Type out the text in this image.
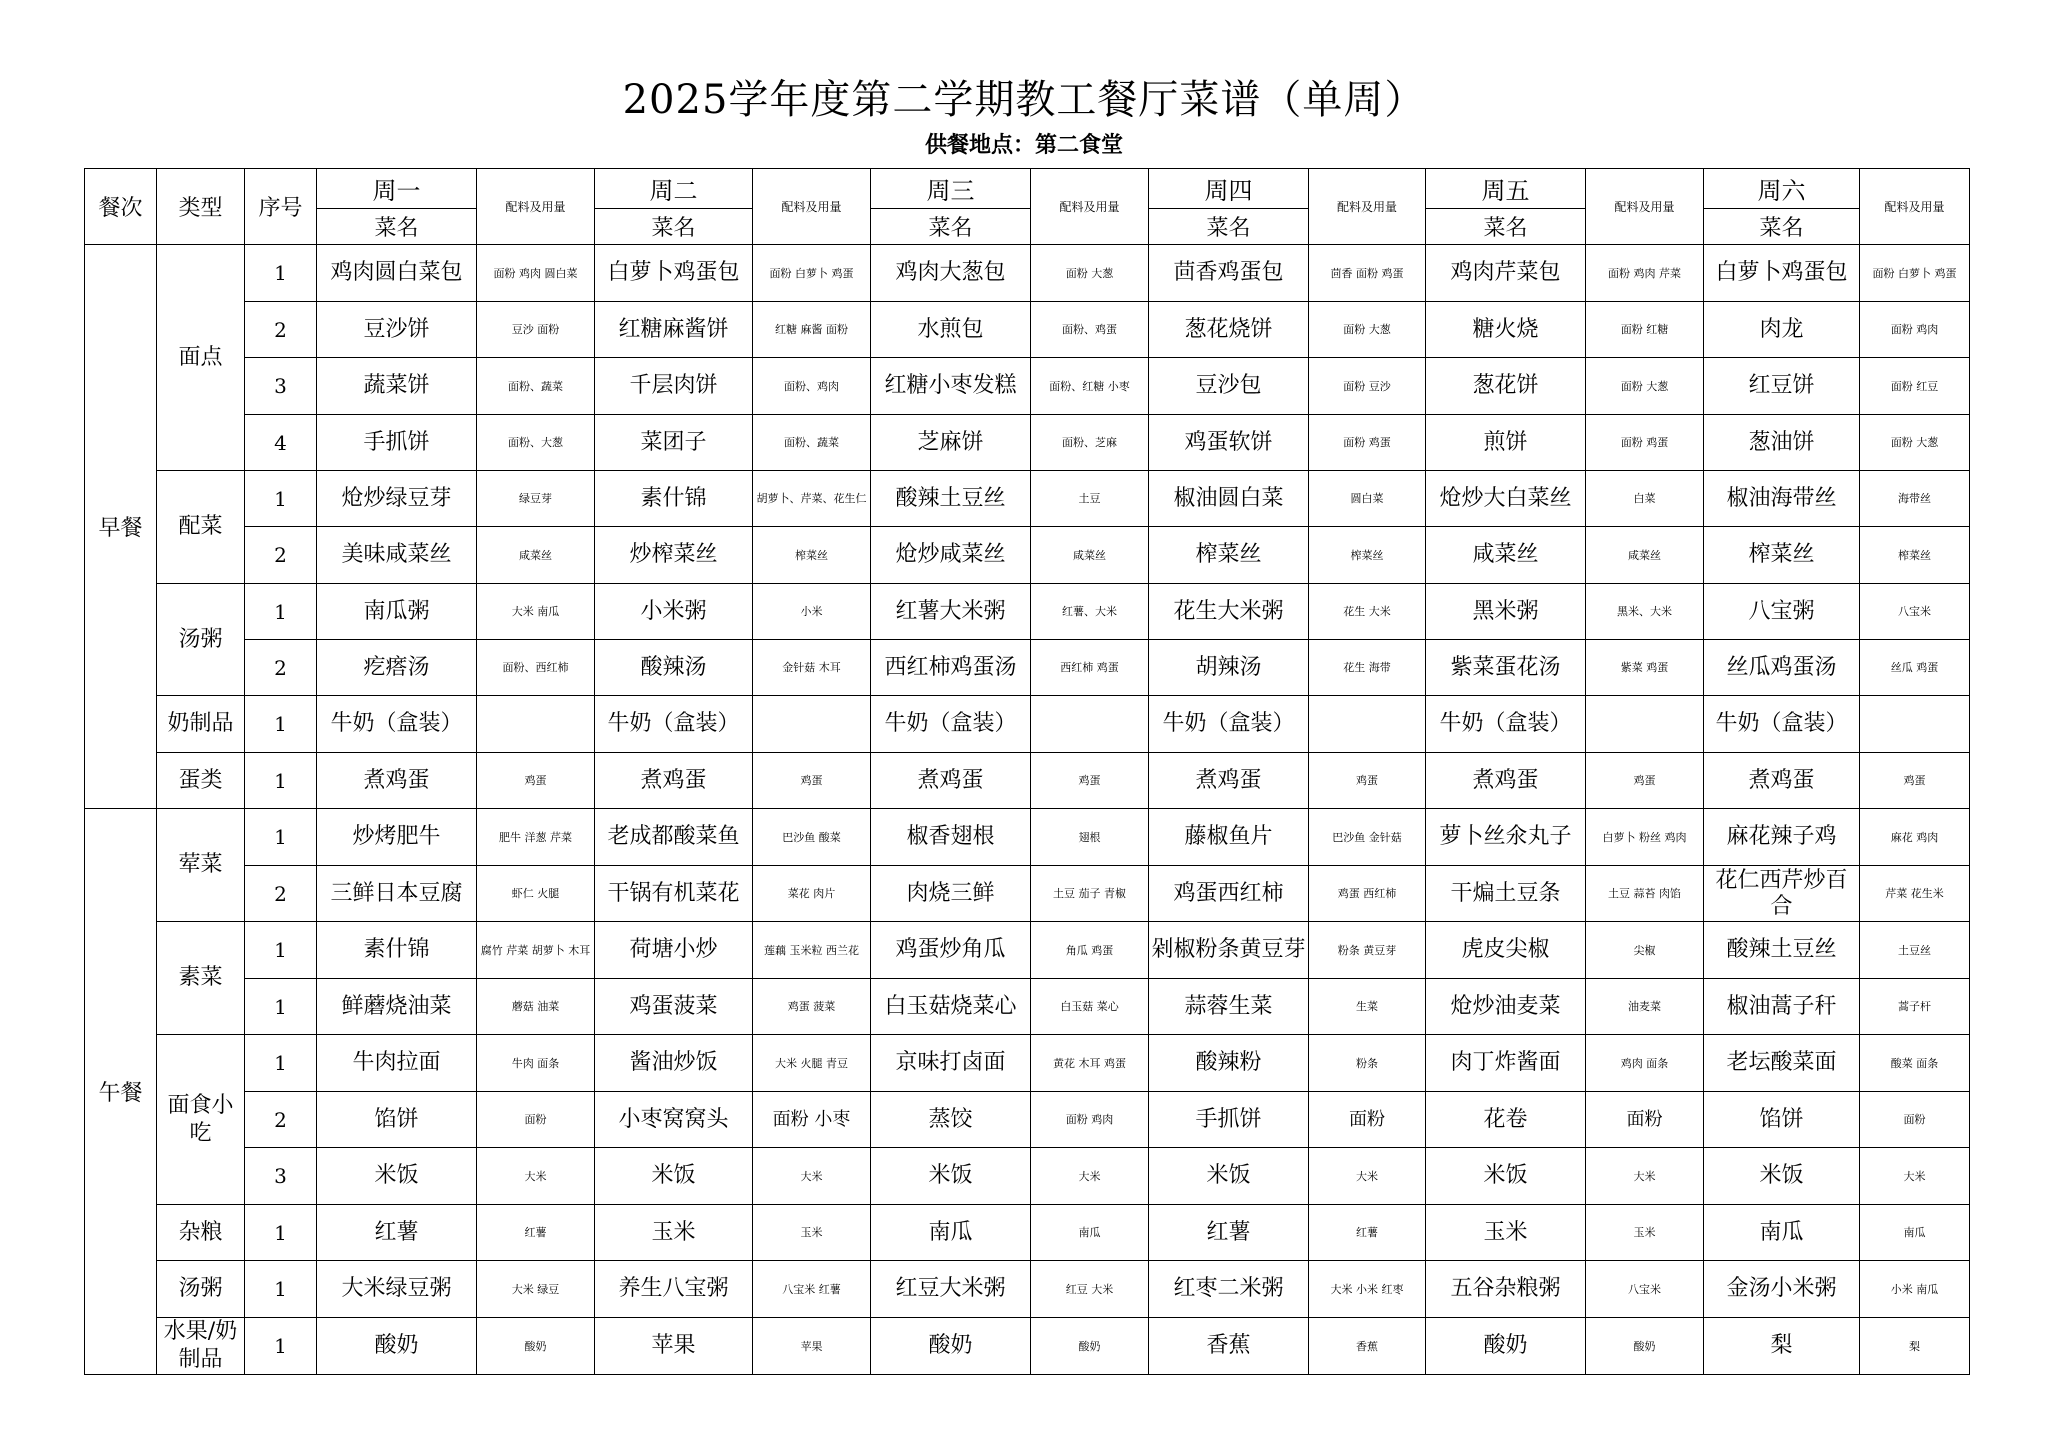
2025学年度第二学期教工餐厅菜谱（单周）
供餐地点：第二食堂
餐次	类型	序号	周一	配料及用量	周二	配料及用量	周三	配料及用量	周四	配料及用量	周五	配料及用量	周六	配料及用量
			菜名		菜名		菜名		菜名		菜名		菜名	
早餐	面点	1	鸡肉圆白菜包	面粉 鸡肉 圆白菜	白萝卜鸡蛋包	面粉 白萝卜 鸡蛋	鸡肉大葱包	面粉 大葱	茴香鸡蛋包	茴香 面粉 鸡蛋	鸡肉芹菜包	面粉 鸡肉 芹菜	白萝卜鸡蛋包	面粉 白萝卜 鸡蛋
		2	豆沙饼	豆沙 面粉	红糖麻酱饼	红糖 麻酱 面粉	水煎包	面粉、鸡蛋	葱花烧饼	面粉 大葱	糖火烧	面粉 红糖	肉龙	面粉 鸡肉
		3	蔬菜饼	面粉、蔬菜	千层肉饼	面粉、鸡肉	红糖小枣发糕	面粉、红糖 小枣	豆沙包	面粉 豆沙	葱花饼	面粉 大葱	红豆饼	面粉 红豆
		4	手抓饼	面粉、大葱	菜团子	面粉、蔬菜	芝麻饼	面粉、芝麻	鸡蛋软饼	面粉 鸡蛋	煎饼	面粉 鸡蛋	葱油饼	面粉 大葱
	配菜	1	炝炒绿豆芽	绿豆芽	素什锦	胡萝卜、芹菜、花生仁	酸辣土豆丝	土豆	椒油圆白菜	圆白菜	炝炒大白菜丝	白菜	椒油海带丝	海带丝
		2	美味咸菜丝	咸菜丝	炒榨菜丝	榨菜丝	炝炒咸菜丝	咸菜丝	榨菜丝	榨菜丝	咸菜丝	咸菜丝	榨菜丝	榨菜丝
	汤粥	1	南瓜粥	大米 南瓜	小米粥	小米	红薯大米粥	红薯、大米	花生大米粥	花生 大米	黑米粥	黑米、大米	八宝粥	八宝米
		2	疙瘩汤	面粉、西红柿	酸辣汤	金针菇 木耳	西红柿鸡蛋汤	西红柿 鸡蛋	胡辣汤	花生 海带	紫菜蛋花汤	紫菜 鸡蛋	丝瓜鸡蛋汤	丝瓜 鸡蛋
	奶制品	1	牛奶（盒装）		牛奶（盒装）		牛奶（盒装）		牛奶（盒装）		牛奶（盒装）		牛奶（盒装）	
	蛋类	1	煮鸡蛋	鸡蛋	煮鸡蛋	鸡蛋	煮鸡蛋	鸡蛋	煮鸡蛋	鸡蛋	煮鸡蛋	鸡蛋	煮鸡蛋	鸡蛋
午餐	荤菜	1	炒烤肥牛	肥牛 洋葱 芹菜	老成都酸菜鱼	巴沙鱼 酸菜	椒香翅根	翅根	藤椒鱼片	巴沙鱼 金针菇	萝卜丝氽丸子	白萝卜 粉丝 鸡肉	麻花辣子鸡	麻花 鸡肉
		2	三鲜日本豆腐	虾仁 火腿	干锅有机菜花	菜花 肉片	肉烧三鲜	土豆 茄子 青椒	鸡蛋西红柿	鸡蛋 西红柿	干煸土豆条	土豆 蒜苔 肉馅	花仁西芹炒百合	芹菜 花生米
	素菜	1	素什锦	腐竹 芹菜 胡萝卜 木耳	荷塘小炒	莲藕 玉米粒 西兰花	鸡蛋炒角瓜	角瓜 鸡蛋	剁椒粉条黄豆芽	粉条 黄豆芽	虎皮尖椒	尖椒	酸辣土豆丝	土豆丝
		1	鲜蘑烧油菜	蘑菇 油菜	鸡蛋菠菜	鸡蛋 菠菜	白玉菇烧菜心	白玉菇 菜心	蒜蓉生菜	生菜	炝炒油麦菜	油麦菜	椒油蒿子秆	蒿子杆
	面食小吃	1	牛肉拉面	牛肉 面条	酱油炒饭	大米 火腿 青豆	京味打卤面	黄花 木耳 鸡蛋	酸辣粉	粉条	肉丁炸酱面	鸡肉 面条	老坛酸菜面	酸菜 面条
		2	馅饼	面粉	小枣窝窝头	面粉 小枣	蒸饺	面粉 鸡肉	手抓饼	面粉	花卷	面粉	馅饼	面粉
		3	米饭	大米	米饭	大米	米饭	大米	米饭	大米	米饭	大米	米饭	大米
	杂粮	1	红薯	红薯	玉米	玉米	南瓜	南瓜	红薯	红薯	玉米	玉米	南瓜	南瓜
	汤粥	1	大米绿豆粥	大米 绿豆	养生八宝粥	八宝米 红薯	红豆大米粥	红豆 大米	红枣二米粥	大米 小米 红枣	五谷杂粮粥	八宝米	金汤小米粥	小米 南瓜
	水果/奶制品	1	酸奶	酸奶	苹果	苹果	酸奶	酸奶	香蕉	香蕉	酸奶	酸奶	梨	梨
